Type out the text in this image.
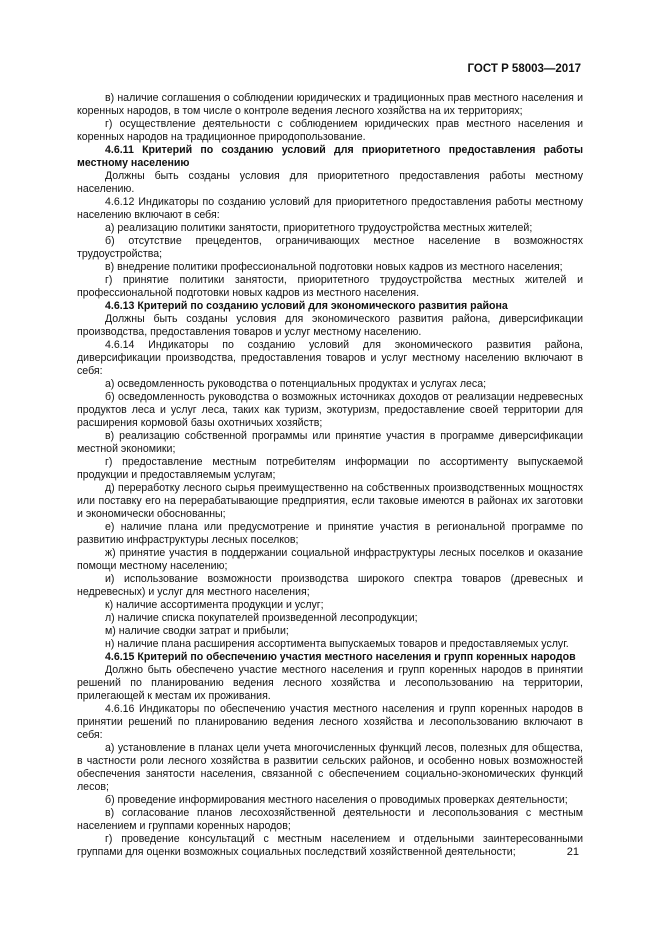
ГОСТ Р 58003—2017

в) наличие соглашения о соблюдении юридических и традиционных прав местного населения и коренных народов, в том числе о контроле ведения лесного хозяйства на их территориях;

г) осуществление деятельности с соблюдением юридических прав местного населения и коренных народов на традиционное природопользование.

4.6.11 Критерий по созданию условий для приоритетного предоставления работы местному населению

Должны быть созданы условия для приоритетного предоставления работы местному населению.

4.6.12 Индикаторы по созданию условий для приоритетного предоставления работы местному населению включают в себя:

а) реализацию политики занятости, приоритетного трудоустройства местных жителей;

б) отсутствие прецедентов, ограничивающих местное население в возможностях трудоустройства;

в) внедрение политики профессиональной подготовки новых кадров из местного населения;

г) принятие политики занятости, приоритетного трудоустройства местных жителей и профессиональной подготовки новых кадров из местного населения.

4.6.13 Критерий по созданию условий для экономического развития района

Должны быть созданы условия для экономического развития района, диверсификации производства, предоставления товаров и услуг местному населению.

4.6.14 Индикаторы по созданию условий для экономического развития района, диверсификации производства, предоставления товаров и услуг местному населению включают в себя:

а) осведомленность руководства о потенциальных продуктах и услугах леса;

б) осведомленность руководства о возможных источниках доходов от реализации недревесных продуктов леса и услуг леса, таких как туризм, экотуризм, предоставление своей территории для расширения кормовой базы охотничьих хозяйств;

в) реализацию собственной программы или принятие участия в программе диверсификации местной экономики;

г) предоставление местным потребителям информации по ассортименту выпускаемой продукции и предоставляемым услугам;

д) переработку лесного сырья преимущественно на собственных производственных мощностях или поставку его на перерабатывающие предприятия, если таковые имеются в районах их заготовки и экономически обоснованны;

е) наличие плана или предусмотрение и принятие участия в региональной программе по развитию инфраструктуры лесных поселков;

ж) принятие участия в поддержании социальной инфраструктуры лесных поселков и оказание помощи местному населению;

и) использование возможности производства широкого спектра товаров (древесных и недревесных) и услуг для местного населения;

к) наличие ассортимента продукции и услуг;

л) наличие списка покупателей произведенной лесопродукции;

м) наличие сводки затрат и прибыли;

н) наличие плана расширения ассортимента выпускаемых товаров и предоставляемых услуг.

4.6.15 Критерий по обеспечению участия местного населения и групп коренных народов

Должно быть обеспечено участие местного населения и групп коренных народов в принятии решений по планированию ведения лесного хозяйства и лесопользованию на территории, прилегающей к местам их проживания.

4.6.16 Индикаторы по обеспечению участия местного населения и групп коренных народов в принятии решений по планированию ведения лесного хозяйства и лесопользованию включают в себя:

а) установление в планах цели учета многочисленных функций лесов, полезных для общества, в частности роли лесного хозяйства в развитии сельских районов, и особенно новых возможностей обеспечения занятости населения, связанной с обеспечением социально-экономических функций лесов;

б) проведение информирования местного населения о проводимых проверках деятельности;

в) согласование планов лесохозяйственной деятельности и лесопользования с местным населением и группами коренных народов;

г) проведение консультаций с местным населением и отдельными заинтересованными группами для оценки возможных социальных последствий хозяйственной деятельности;	21
